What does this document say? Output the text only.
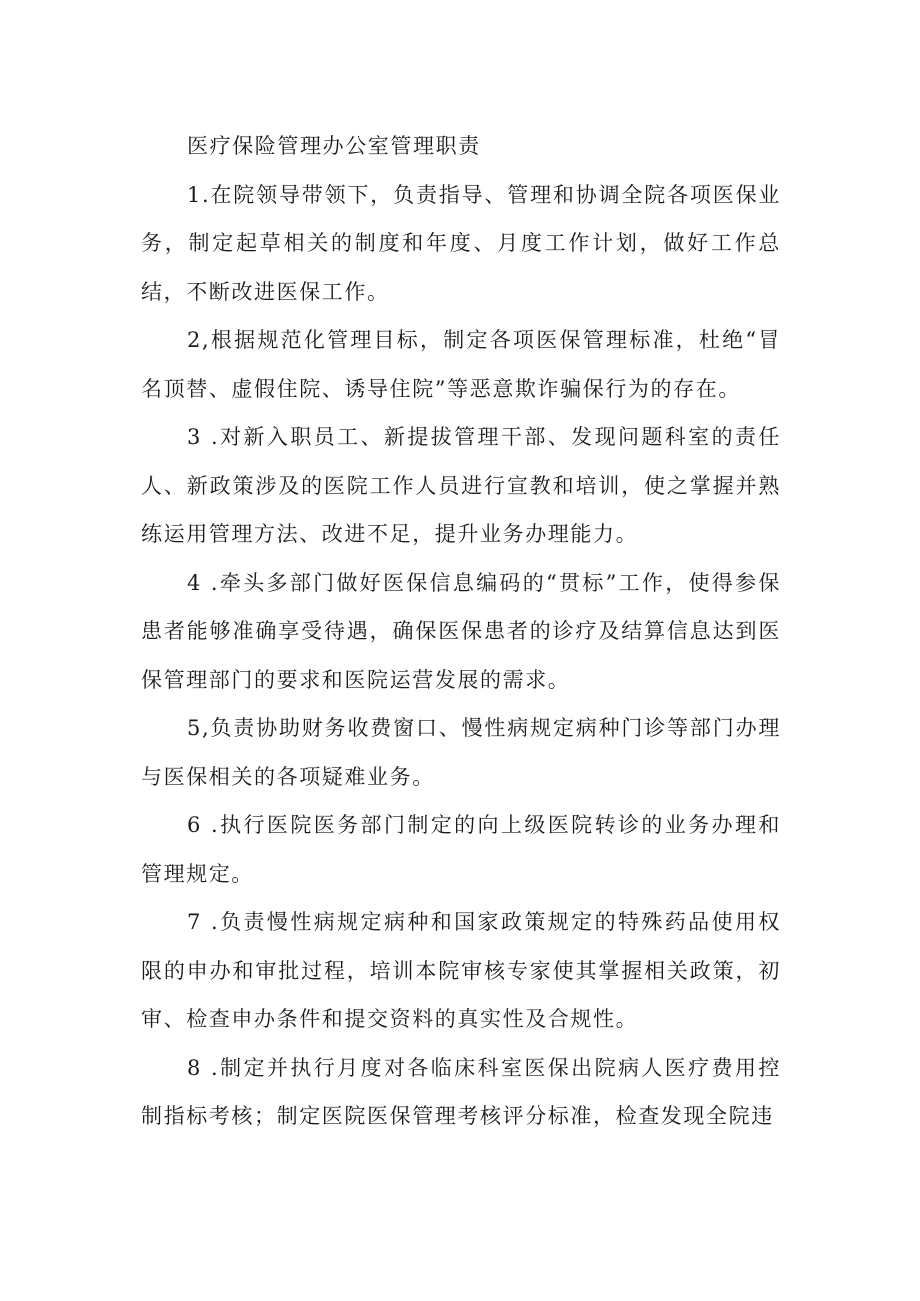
医疗保险管理办公室管理职责

1.在院领导带领下，负责指导、管理和协调全院各项医保业务，制定起草相关的制度和年度、月度工作计划，做好工作总结，不断改进医保工作。

2,根据规范化管理目标，制定各项医保管理标准，杜绝“冒名顶替、虚假住院、诱导住院”等恶意欺诈骗保行为的存在。

3 .对新入职员工、新提拔管理干部、发现问题科室的责任人、新政策涉及的医院工作人员进行宣教和培训，使之掌握并熟练运用管理方法、改进不足，提升业务办理能力。

4 .牵头多部门做好医保信息编码的“贯标”工作，使得参保患者能够准确享受待遇，确保医保患者的诊疗及结算信息达到医保管理部门的要求和医院运营发展的需求。

5,负责协助财务收费窗口、慢性病规定病种门诊等部门办理与医保相关的各项疑难业务。

6 .执行医院医务部门制定的向上级医院转诊的业务办理和管理规定。

7 .负责慢性病规定病种和国家政策规定的特殊药品使用权限的申办和审批过程，培训本院审核专家使其掌握相关政策，初审、检查申办条件和提交资料的真实性及合规性。

8 .制定并执行月度对各临床科室医保出院病人医疗费用控制指标考核；制定医院医保管理考核评分标准，检查发现全院违
